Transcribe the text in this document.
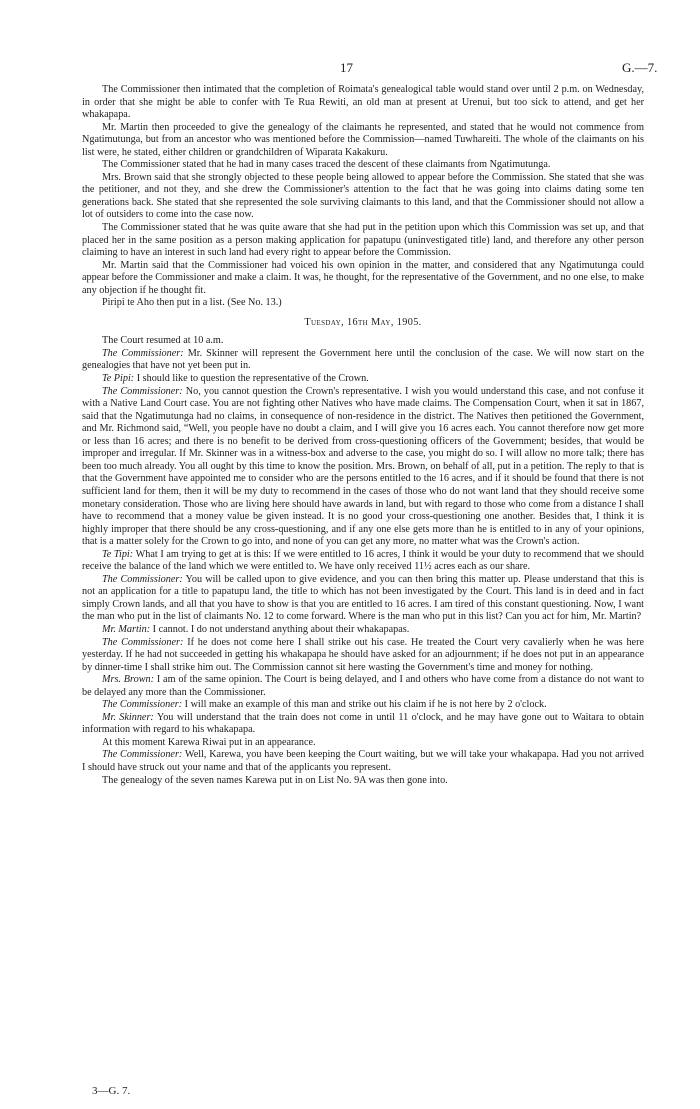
17	G.—7.

The Commissioner then intimated that the completion of Roimata's genealogical table would stand over until 2 p.m. on Wednesday, in order that she might be able to confer with Te Rua Rewiti, an old man at present at Urenui, but too sick to attend, and get her whakapapa.

Mr. Martin then proceeded to give the genealogy of the claimants he represented, and stated that he would not commence from Ngatimutunga, but from an ancestor who was mentioned before the Commission—named Tuwhareiti. The whole of the claimants on his list were, he stated, either children or grandchildren of Wiparata Kakakuru.

The Commissioner stated that he had in many cases traced the descent of these claimants from Ngatimutunga.

Mrs. Brown said that she strongly objected to these people being allowed to appear before the Commission. She stated that she was the petitioner, and not they, and she drew the Commissioner's attention to the fact that he was going into claims dating some ten generations back. She stated that she represented the sole surviving claimants to this land, and that the Commissioner should not allow a lot of outsiders to come into the case now.

The Commissioner stated that he was quite aware that she had put in the petition upon which this Commission was set up, and that placed her in the same position as a person making application for papatupu (uninvestigated title) land, and therefore any other person claiming to have an interest in such land had every right to appear before the Commission.

Mr. Martin said that the Commissioner had voiced his own opinion in the matter, and considered that any Ngatimutunga could appear before the Commissioner and make a claim. It was, he thought, for the representative of the Government, and no one else, to make any objection if he thought fit.

Piripi te Aho then put in a list. (See No. 13.)

Tuesday, 16th May, 1905.

The Court resumed at 10 a.m.

The Commissioner: Mr. Skinner will represent the Government here until the conclusion of the case. We will now start on the genealogies that have not yet been put in.

Te Pipi: I should like to question the representative of the Crown.

The Commissioner: No, you cannot question the Crown's representative. I wish you would understand this case, and not confuse it with a Native Land Court case. You are not fighting other Natives who have made claims. The Compensation Court, when it sat in 1867, said that the Ngatimutunga had no claims, in consequence of non-residence in the district. The Natives then petitioned the Government, and Mr. Richmond said, “Well, you people have no doubt a claim, and I will give you 16 acres each. You cannot therefore now get more or less than 16 acres; and there is no benefit to be derived from cross-questioning officers of the Government; besides, that would be improper and irregular. If Mr. Skinner was in a witness-box and adverse to the case, you might do so. I will allow no more talk; there has been too much already. You all ought by this time to know the position. Mrs. Brown, on behalf of all, put in a petition. The reply to that is that the Government have appointed me to consider who are the persons entitled to the 16 acres, and if it should be found that there is not sufficient land for them, then it will be my duty to recommend in the cases of those who do not want land that they should receive some monetary consideration. Those who are living here should have awards in land, but with regard to those who come from a distance I shall have to recommend that a money value be given instead. It is no good your cross-questioning one another. Besides that, I think it is highly improper that there should be any cross-questioning, and if any one else gets more than he is entitled to in any of your opinions, that is a matter solely for the Crown to go into, and none of you can get any more, no matter what was the Crown's action.

Te Tipi: What I am trying to get at is this: If we were entitled to 16 acres, I think it would be your duty to recommend that we should receive the balance of the land which we were entitled to. We have only received 11½ acres each as our share.

The Commissioner: You will be called upon to give evidence, and you can then bring this matter up. Please understand that this is not an application for a title to papatupu land, the title to which has not been investigated by the Court. This land is in deed and in fact simply Crown lands, and all that you have to show is that you are entitled to 16 acres. I am tired of this constant questioning. Now, I want the man who put in the list of claimants No. 12 to come forward. Where is the man who put in this list? Can you act for him, Mr. Martin?

Mr. Martin: I cannot. I do not understand anything about their whakapapas.

The Commissioner: If he does not come here I shall strike out his case. He treated the Court very cavalierly when he was here yesterday. If he had not succeeded in getting his whakapapa he should have asked for an adjournment; if he does not put in an appearance by dinner-time I shall strike him out. The Commission cannot sit here wasting the Government's time and money for nothing.

Mrs. Brown: I am of the same opinion. The Court is being delayed, and I and others who have come from a distance do not want to be delayed any more than the Commissioner.

The Commissioner: I will make an example of this man and strike out his claim if he is not here by 2 o'clock.

Mr. Skinner: You will understand that the train does not come in until 11 o'clock, and he may have gone out to Waitara to obtain information with regard to his whakapapa.

At this moment Karewa Riwai put in an appearance.

The Commissioner: Well, Karewa, you have been keeping the Court waiting, but we will take your whakapapa. Had you not arrived I should have struck out your name and that of the applicants you represent.

The genealogy of the seven names Karewa put in on List No. 9A was then gone into.

3—G. 7.
